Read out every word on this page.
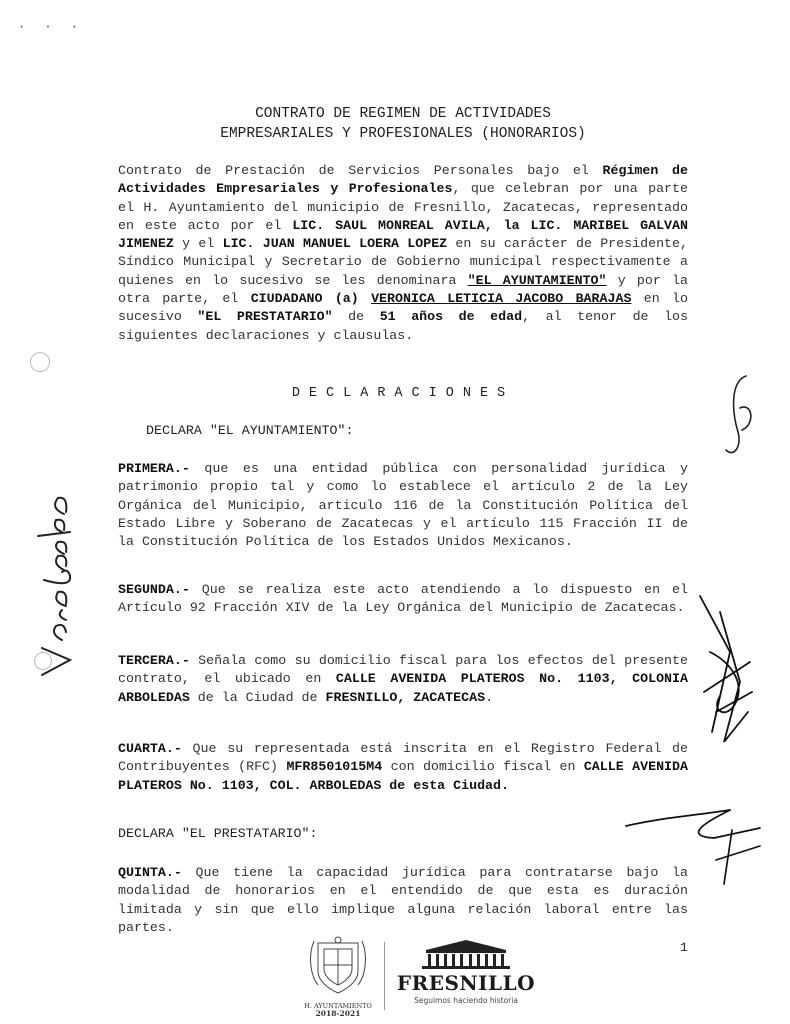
· · ·
CONTRATO DE REGIMEN DE ACTIVIDADES
EMPRESARIALES Y PROFESIONALES (HONORARIOS)
Contrato de Prestación de Servicios Personales bajo el Régimen de Actividades Empresariales y Profesionales, que celebran por una parte el H. Ayuntamiento del municipio de Fresnillo, Zacatecas, representado en este acto por el LIC. SAUL MONREAL AVILA, la LIC. MARIBEL GALVAN JIMENEZ y el LIC. JUAN MANUEL LOERA LOPEZ en su carácter de Presidente, Síndico Municipal y Secretario de Gobierno municipal respectivamente a quienes en lo sucesivo se les denominara "EL AYUNTAMIENTO" y por la otra parte, el CIUDADANO (a) VERONICA LETICIA JACOBO BARAJAS en lo sucesivo "EL PRESTATARIO" de 51 años de edad, al tenor de los siguientes declaraciones y clausulas.
DECLARACIONES
DECLARA "EL AYUNTAMIENTO":
PRIMERA.- que es una entidad pública con personalidad jurídica y patrimonio propio tal y como lo establece el artículo 2 de la Ley Orgánica del Municipio, articulo 116 de la Constitución Política del Estado Libre y Soberano de Zacatecas y el artículo 115 Fracción II de la Constitución Política de los Estados Unidos Mexicanos.
SEGUNDA.- Que se realiza este acto atendiendo a lo dispuesto en el Artículo 92 Fracción XIV de la Ley Orgánica del Municipio de Zacatecas.
TERCERA.- Señala como su domicilio fiscal para los efectos del presente contrato, el ubicado en CALLE AVENIDA PLATEROS No. 1103, COLONIA ARBOLEDAS de la Ciudad de FRESNILLO, ZACATECAS.
CUARTA.- Que su representada está inscrita en el Registro Federal de Contribuyentes (RFC) MFR8501015M4 con domicilio fiscal en CALLE AVENIDA PLATEROS No. 1103, COL. ARBOLEDAS de esta Ciudad.
DECLARA "EL PRESTATARIO":
QUINTA.- Que tiene la capacidad jurídica para contratarse bajo la modalidad de honorarios en el entendido de que esta es duración limitada y sin que ello implique alguna relación laboral entre las partes.
1
H. AYUNTAMIENTO
2018-2021
FRESNILLO
Seguimos haciendo historia
